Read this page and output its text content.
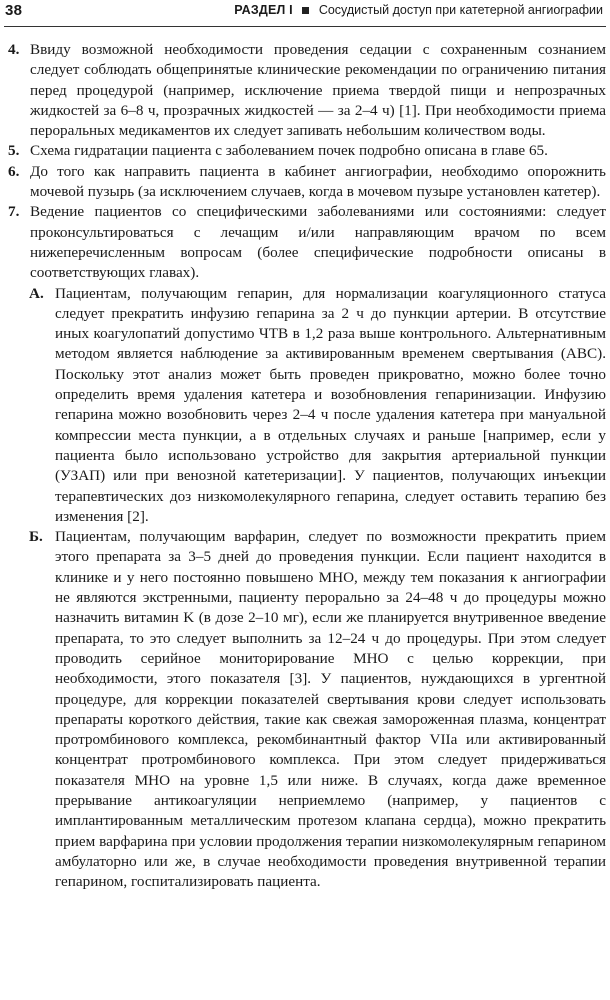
38	РАЗДЕЛ I Сосудистый доступ при катетерной ангиографии

4. Ввиду возможной необходимости проведения седации с сохраненным сознанием следует соблюдать общепринятые клинические рекомендации по ограничению питания перед процедурой (например, исключение приема твердой пищи и непрозрачных жидкостей за 6–8 ч, прозрачных жидкостей — за 2–4 ч) [1]. При необходимости приема пероральных медикаментов их следует запивать небольшим количеством воды.

5. Схема гидратации пациента с заболеванием почек подробно описана в главе 65.

6. До того как направить пациента в кабинет ангиографии, необходимо опорожнить мочевой пузырь (за исключением случаев, когда в мочевом пузыре установлен катетер).

7. Ведение пациентов со специфическими заболеваниями или состояниями: следует проконсультироваться с лечащим и/или направляющим врачом по всем нижеперечисленным вопросам (более специфические подробности описаны в соответствующих главах).

А. Пациентам, получающим гепарин, для нормализации коагуляционного статуса следует прекратить инфузию гепарина за 2 ч до пункции артерии. В отсутствие иных коагулопатий допустимо ЧТВ в 1,2 раза выше контрольного. Альтернативным методом является наблюдение за активированным временем свертывания (АВС). Поскольку этот анализ может быть проведен прикроватно, можно более точно определить время удаления катетера и возобновления гепаринизации. Инфузию гепарина можно возобновить через 2–4 ч после удаления катетера при мануальной компрессии места пункции, а в отдельных случаях и раньше [например, если у пациента было использовано устройство для закрытия артериальной пункции (УЗАП) или при венозной катетеризации]. У пациентов, получающих инъекции терапевтических доз низкомолекулярного гепарина, следует оставить терапию без изменения [2].

Б. Пациентам, получающим варфарин, следует по возможности прекратить прием этого препарата за 3–5 дней до проведения пункции. Если пациент находится в клинике и у него постоянно повышено МНО, между тем показания к ангиографии не являются экстренными, пациенту перорально за 24–48 ч до процедуры можно назначить витамин K (в дозе 2–10 мг), если же планируется внутривенное введение препарата, то это следует выполнить за 12–24 ч до процедуры. При этом следует проводить серийное мониторирование МНО с целью коррекции, при необходимости, этого показателя [3]. У пациентов, нуждающихся в ургентной процедуре, для коррекции показателей свертывания крови следует использовать препараты короткого действия, такие как свежая замороженная плазма, концентрат протромбинового комплекса, рекомбинантный фактор VIIa или активированный концентрат протромбинового комплекса. При этом следует придерживаться показателя МНО на уровне 1,5 или ниже. В случаях, когда даже временное прерывание антикоагуляции неприемлемо (например, у пациентов с имплантированным металлическим протезом клапана сердца), можно прекратить прием варфарина при условии продолжения терапии низкомолекулярным гепарином амбулаторно или же, в случае необходимости проведения внутривенной терапии гепарином, госпитализировать пациента.
